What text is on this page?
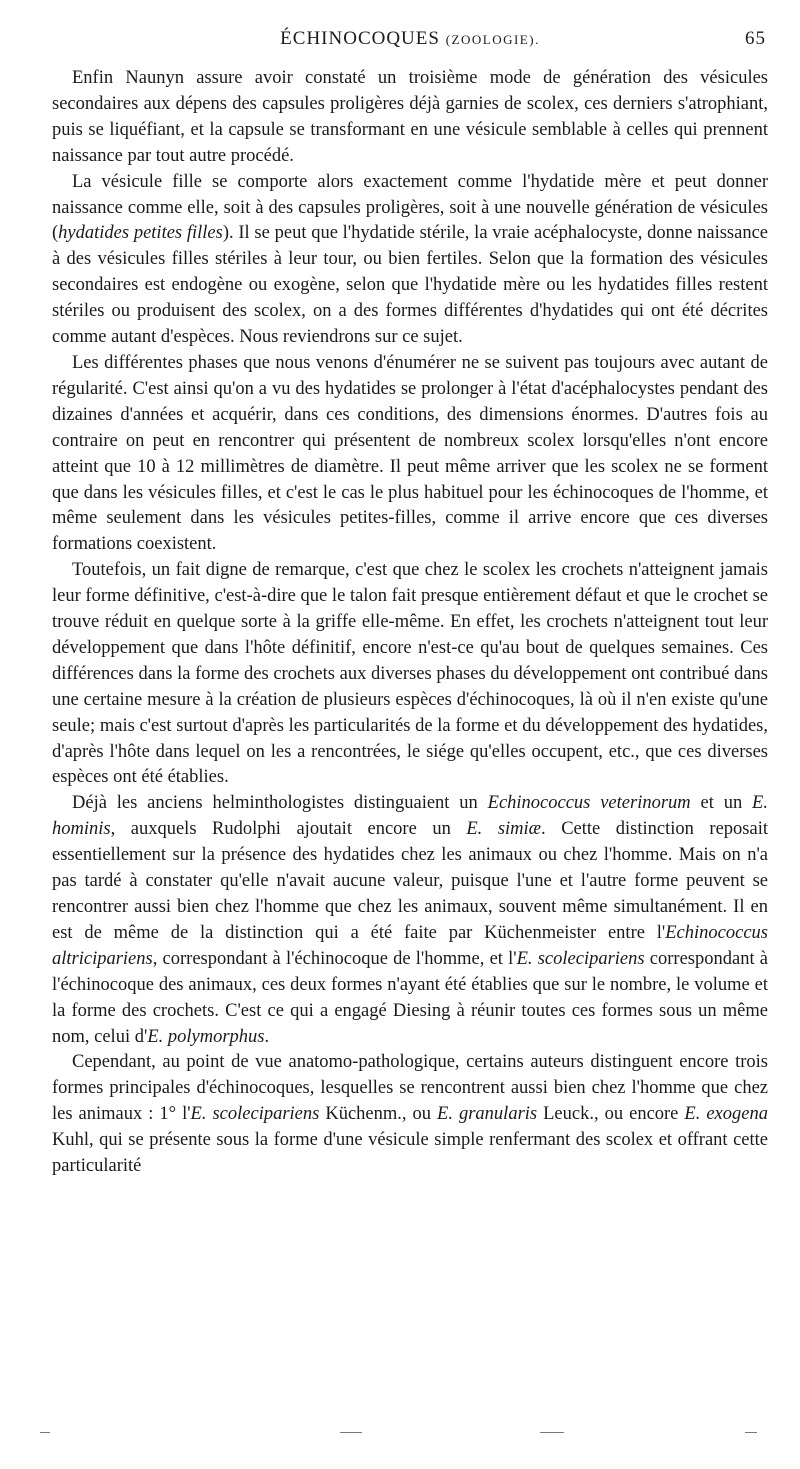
ÉCHINOCOQUES (ZOOLOGIE).	65

Enfin Naunyn assure avoir constaté un troisième mode de génération des vésicules secondaires aux dépens des capsules proligères déjà garnies de scolex, ces derniers s'atrophiant, puis se liquéfiant, et la capsule se transformant en une vésicule semblable à celles qui prennent naissance par tout autre procédé.

La vésicule fille se comporte alors exactement comme l'hydatide mère et peut donner naissance comme elle, soit à des capsules proligères, soit à une nouvelle génération de vésicules (hydatides petites filles). Il se peut que l'hydatide stérile, la vraie acéphalocyste, donne naissance à des vésicules filles stériles à leur tour, ou bien fertiles. Selon que la formation des vésicules secondaires est endogène ou exogène, selon que l'hydatide mère ou les hydatides filles restent stériles ou produisent des scolex, on a des formes différentes d'hydatides qui ont été décrites comme autant d'espèces. Nous reviendrons sur ce sujet.

Les différentes phases que nous venons d'énumérer ne se suivent pas toujours avec autant de régularité. C'est ainsi qu'on a vu des hydatides se prolonger à l'état d'acéphalocystes pendant des dizaines d'années et acquérir, dans ces conditions, des dimensions énormes. D'autres fois au contraire on peut en rencontrer qui présentent de nombreux scolex lorsqu'elles n'ont encore atteint que 10 à 12 millimètres de diamètre. Il peut même arriver que les scolex ne se forment que dans les vésicules filles, et c'est le cas le plus habituel pour les échinocoques de l'homme, et même seulement dans les vésicules petites-filles, comme il arrive encore que ces diverses formations coexistent.

Toutefois, un fait digne de remarque, c'est que chez le scolex les crochets n'atteignent jamais leur forme définitive, c'est-à-dire que le talon fait presque entièrement défaut et que le crochet se trouve réduit en quelque sorte à la griffe elle-même. En effet, les crochets n'atteignent tout leur développement que dans l'hôte définitif, encore n'est-ce qu'au bout de quelques semaines. Ces différences dans la forme des crochets aux diverses phases du développement ont contribué dans une certaine mesure à la création de plusieurs espèces d'échinocoques, là où il n'en existe qu'une seule; mais c'est surtout d'après les particularités de la forme et du développement des hydatides, d'après l'hôte dans lequel on les a rencontrées, le siége qu'elles occupent, etc., que ces diverses espèces ont été établies.

Déjà les anciens helminthologistes distinguaient un Echinococcus veterinorum et un E. hominis, auxquels Rudolphi ajoutait encore un E. simiæ. Cette distinction reposait essentiellement sur la présence des hydatides chez les animaux ou chez l'homme. Mais on n'a pas tardé à constater qu'elle n'avait aucune valeur, puisque l'une et l'autre forme peuvent se rencontrer aussi bien chez l'homme que chez les animaux, souvent même simultanément. Il en est de même de la distinction qui a été faite par Küchenmeister entre l'Echinococcus altricipariens, correspondant à l'échinocoque de l'homme, et l'E. scolecipariens correspondant à l'échinocoque des animaux, ces deux formes n'ayant été établies que sur le nombre, le volume et la forme des crochets. C'est ce qui a engagé Diesing à réunir toutes ces formes sous un même nom, celui d'E. polymorphus.

Cependant, au point de vue anatomo-pathologique, certains auteurs distinguent encore trois formes principales d'échinocoques, lesquelles se rencontrent aussi bien chez l'homme que chez les animaux : 1° l'E. scolecipariens Küchenm., ou E. granularis Leuck., ou encore E. exogena Kuhl, qui se présente sous la forme d'une vésicule simple renfermant des scolex et offrant cette particularité
